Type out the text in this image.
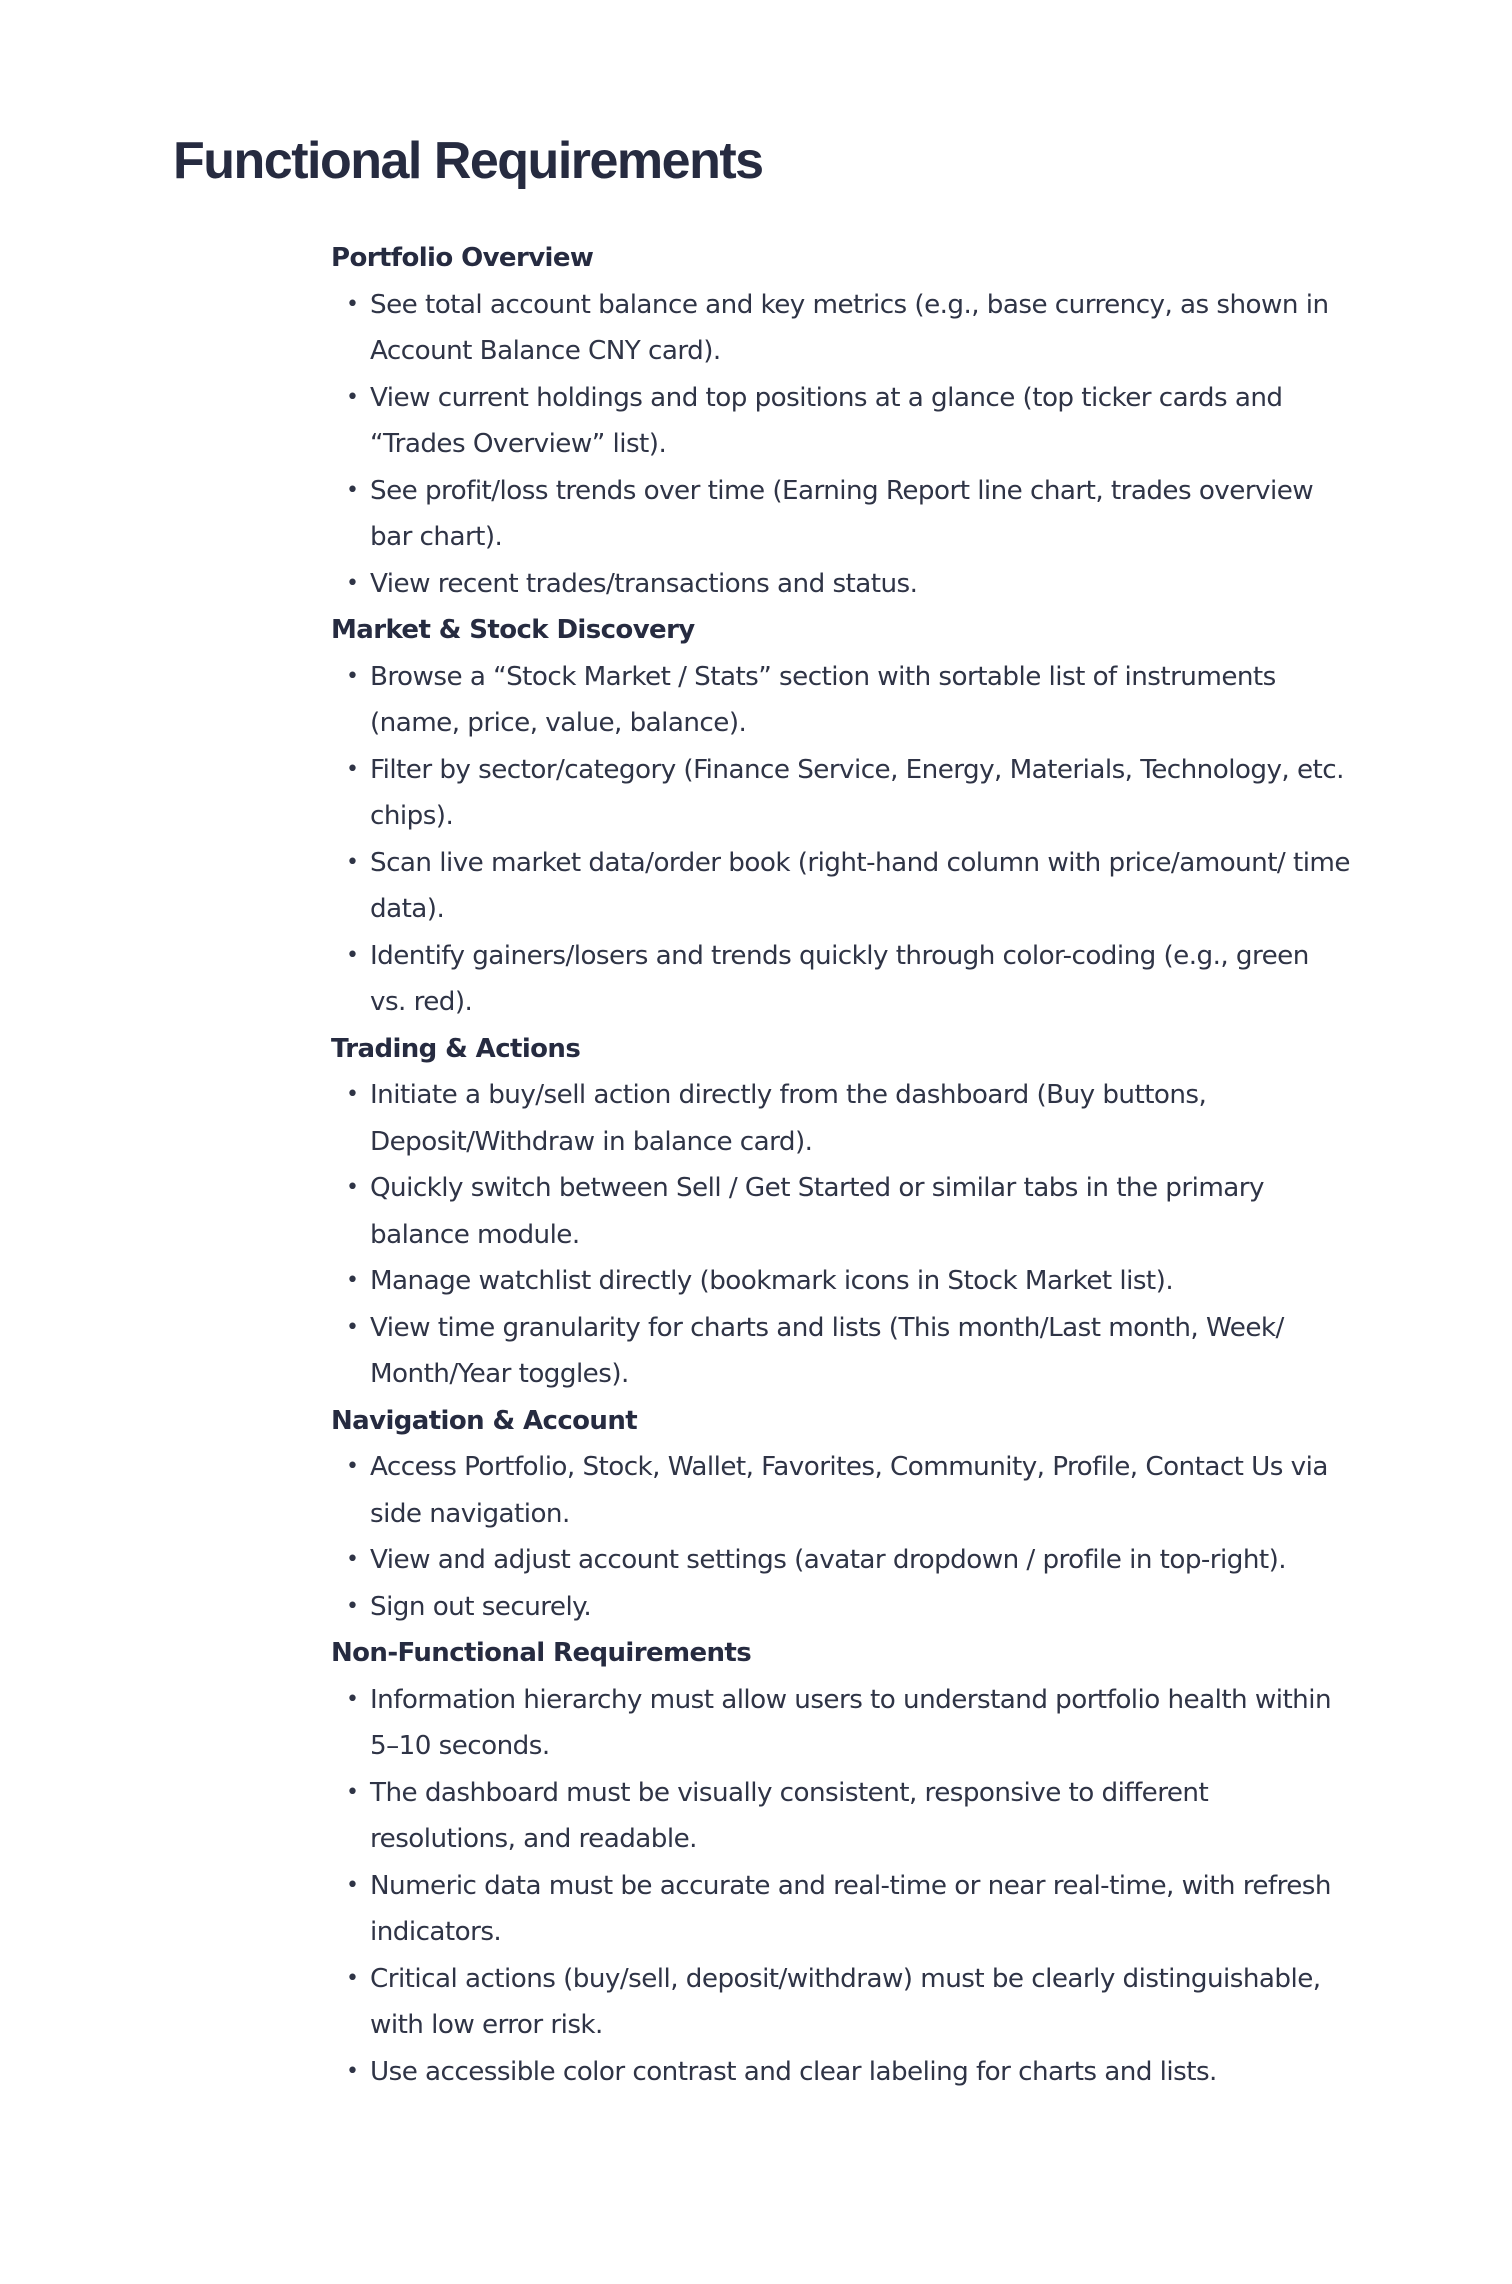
Functional Requirements
Portfolio Overview
• See total account balance and key metrics (e.g., base currency, as shown in Account Balance CNY card).
• View current holdings and top positions at a glance (top ticker cards and “Trades Overview” list).
• See profit/loss trends over time (Earning Report line chart, trades overview bar chart).
• View recent trades/transactions and status.
Market & Stock Discovery
• Browse a “Stock Market / Stats” section with sortable list of instruments (name, price, value, balance).
• Filter by sector/category (Finance Service, Energy, Materials, Technology, etc. chips).
• Scan live market data/order book (right-hand column with price/amount/ time data).
• Identify gainers/losers and trends quickly through color-coding (e.g., green vs. red).
Trading & Actions
• Initiate a buy/sell action directly from the dashboard (Buy buttons, Deposit/Withdraw in balance card).
• Quickly switch between Sell / Get Started or similar tabs in the primary balance module.
• Manage watchlist directly (bookmark icons in Stock Market list).
• View time granularity for charts and lists (This month/Last month, Week/ Month/Year toggles).
Navigation & Account
• Access Portfolio, Stock, Wallet, Favorites, Community, Profile, Contact Us via side navigation.
• View and adjust account settings (avatar dropdown / profile in top-right).
• Sign out securely.
Non-Functional Requirements
• Information hierarchy must allow users to understand portfolio health within 5–10 seconds.
• The dashboard must be visually consistent, responsive to different resolutions, and readable.
• Numeric data must be accurate and real-time or near real-time, with refresh indicators.
• Critical actions (buy/sell, deposit/withdraw) must be clearly distinguishable, with low error risk.
• Use accessible color contrast and clear labeling for charts and lists.
